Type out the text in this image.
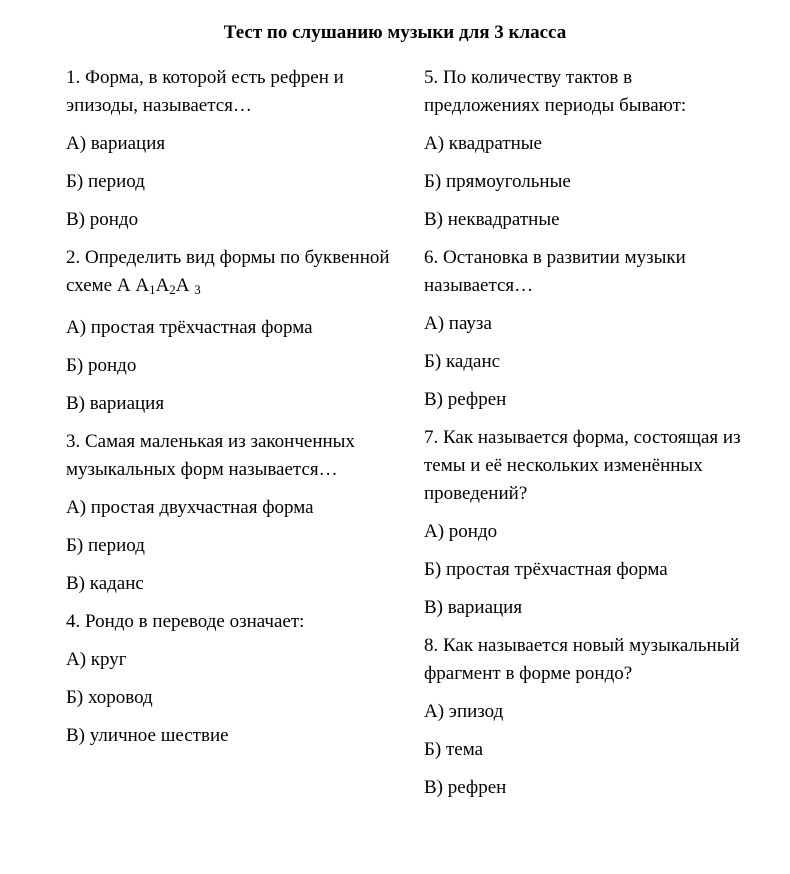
Тест по слушанию музыки для 3 класса

1. Форма, в которой есть рефрен и эпизоды, называется…

А) вариация

Б) период

В) рондо

2. Определить вид формы по буквенной схеме А $А_1А_2А$ $_3$

А) простая трёхчастная форма

Б) рондо

В) вариация

3. Самая маленькая из законченных музыкальных форм называется…

А) простая двухчастная форма

Б) период

В) каданс

4. Рондо в переводе означает:

А) круг

Б) хоровод

В) уличное шествие

5. По количеству тактов в предложениях периоды бывают:

А) квадратные

Б) прямоугольные

В) неквадратные

6. Остановка в развитии музыки называется…

А) пауза

Б) каданс

В) рефрен

7. Как называется форма, состоящая из темы и её нескольких изменённых проведений?

А) рондо

Б) простая трёхчастная форма

В) вариация

8. Как называется новый музыкальный фрагмент в форме рондо?

А) эпизод

Б) тема

В) рефрен
